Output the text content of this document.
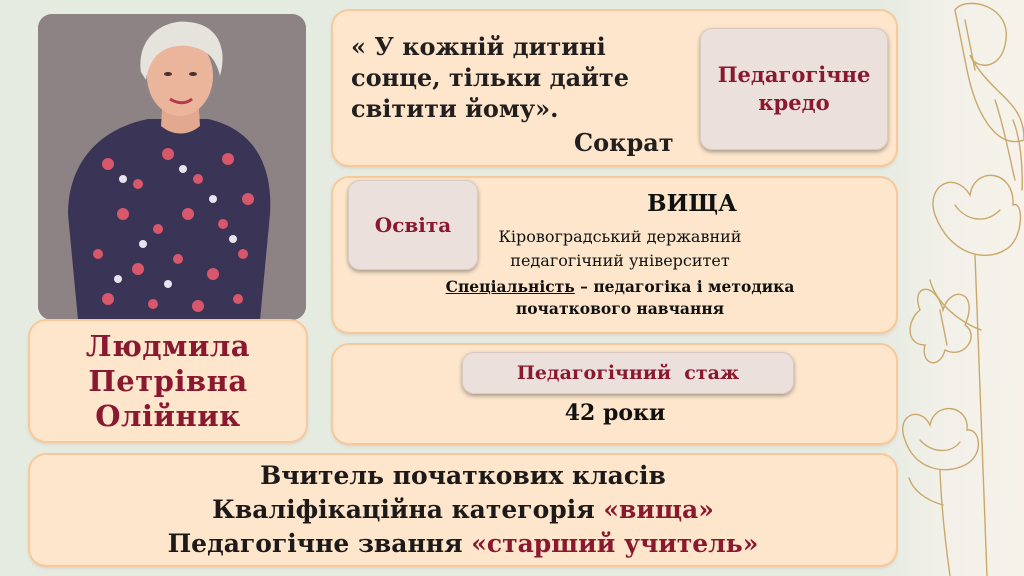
Людмила
Петрівна
Олійник
« У кожній дитині
сонце, тільки дайте
світити йому».
Сократ
Педагогічне кредо
Освіта
ВИЩА
Кіровоградський державний
педагогічний університет
Спеціальність – педагогіка і методика
початкового навчання
Педагогічний  стаж
42 роки
Вчитель початкових класів
Кваліфікаційна категорія «вища»
Педагогічне звання «старший учитель»
